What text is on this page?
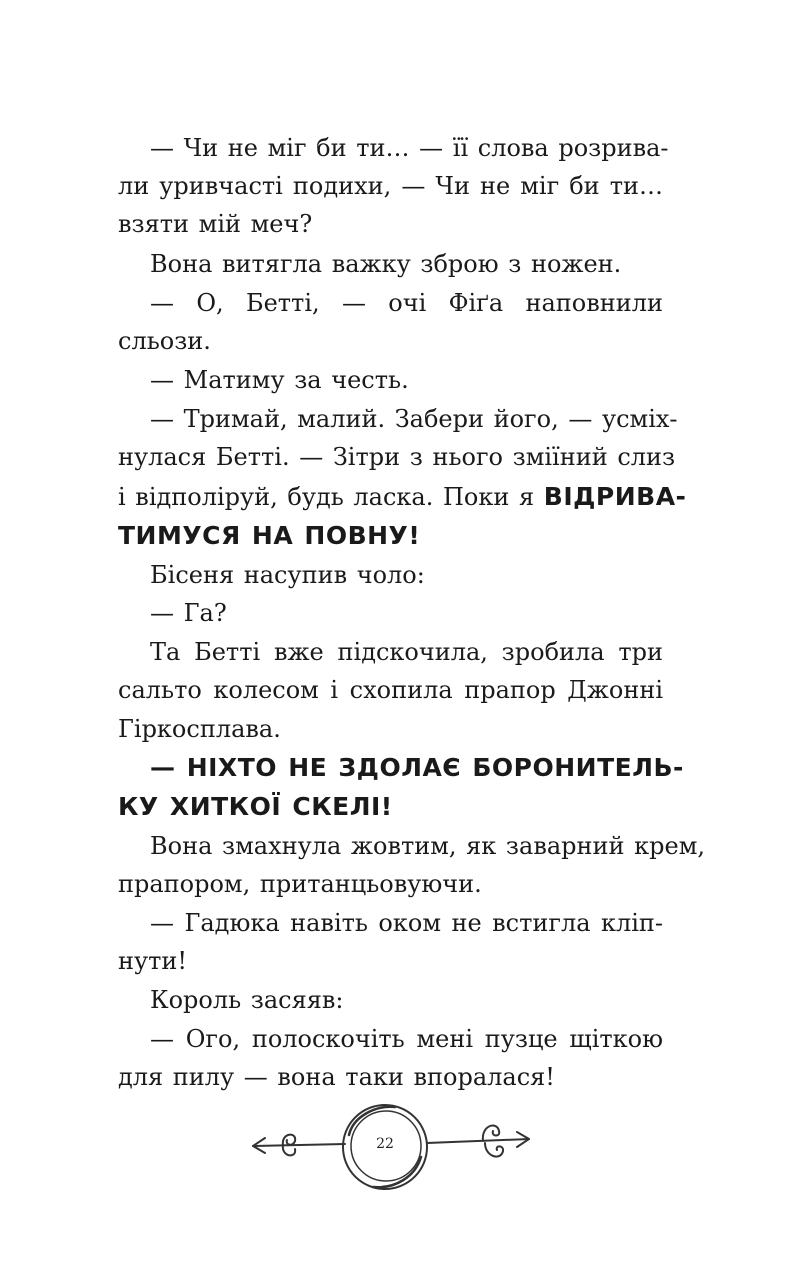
— Чи не міг би ти… — її слова розрива-
ли уривчасті подихи, — Чи не міг би ти…
взяти мій меч?
Вона витягла важку зброю з ножен.
— О, Бетті, — очі Фіґа наповнили
сльози.
— Матиму за честь.
— Тримай, малий. Забери його, — усміх-
нулася Бетті. — Зітри з нього зміїний слиз
і відполіруй, будь ласка. Поки я ВІДРИВА-
ТИМУСЯ НА ПОВНУ!
Бісеня насупив чоло:
— Га?
Та Бетті вже підскочила, зробила три
сальто колесом і схопила прапор Джонні
Гіркосплава.
— НІХТО НЕ ЗДОЛАЄ БОРОНИТЕЛЬ-
КУ ХИТКОЇ СКЕЛІ!
Вона змахнула жовтим, як заварний крем,
прапором, пританцьовуючи.
— Гадюка навіть оком не встигла кліп-
нути!
Король засяяв:
— Ого, полоскочіть мені пузце щіткою
для пилу — вона таки впоралася!
22
